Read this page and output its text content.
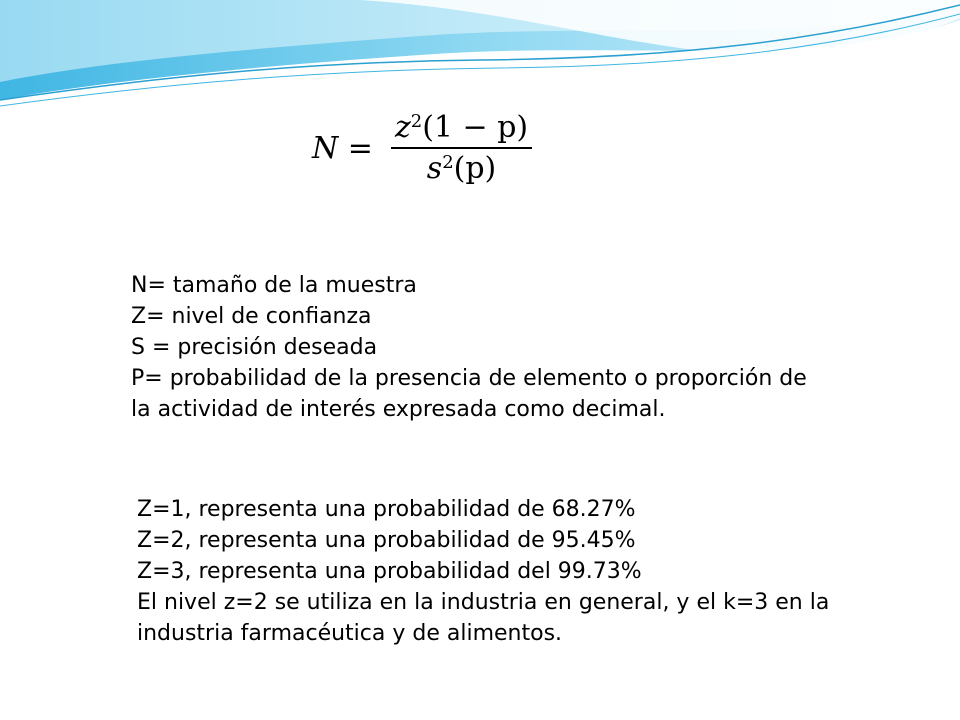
$N = \frac{z^2(1 - p)}{s^2(p)}$
N= tamaño de la muestra
Z= nivel de confianza
S = precisión deseada
P= probabilidad de la presencia de elemento o proporción de
la actividad de interés expresada como decimal.
Z=1, representa una probabilidad de 68.27%
Z=2, representa una probabilidad de 95.45%
Z=3, representa una probabilidad del 99.73%
El nivel z=2 se utiliza en la industria en general, y el k=3 en la
industria farmacéutica y de alimentos.
